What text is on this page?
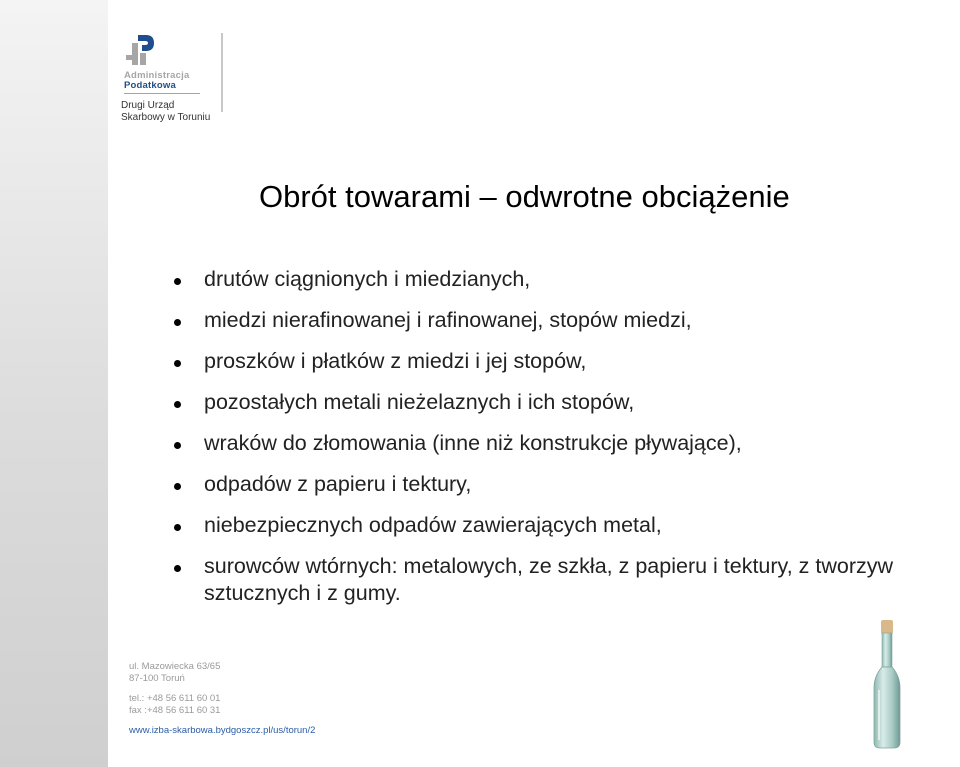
Administracja
Podatkowa
Drugi Urząd
Skarbowy w Toruniu
Obrót towarami – odwrotne obciążenie
drutów ciągnionych i miedzianych,
miedzi nierafinowanej i rafinowanej, stopów miedzi,
proszków i płatków z miedzi i jej stopów,
pozostałych metali nieżelaznych i ich stopów,
wraków do złomowania (inne niż konstrukcje pływające),
odpadów z papieru i tektury,
niebezpiecznych odpadów zawierających metal,
surowców wtórnych: metalowych, ze szkła, z papieru i tektury, z tworzyw sztucznych i z gumy.
ul. Mazowiecka 63/65
87-100 Toruń
tel.: +48 56 611 60 01
fax :+48 56 611 60 31
www.izba-skarbowa.bydgoszcz.pl/us/torun/2
